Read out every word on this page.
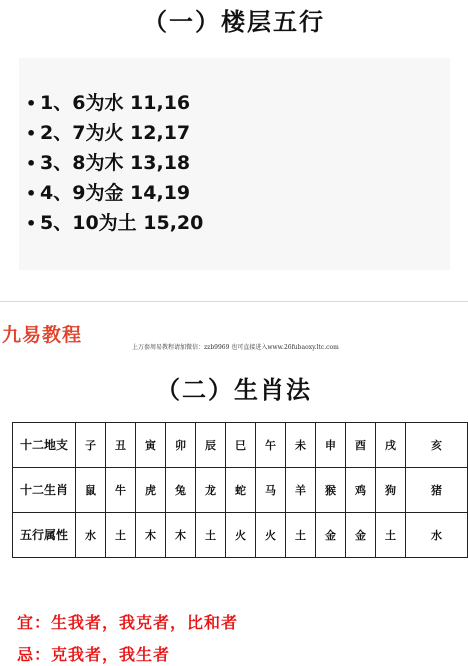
（一）楼层五行
• 1、6为水 11,16
• 2、7为火 12,17
• 3、8为木 13,18
• 4、9为金 14,19
• 5、10为土 15,20
九易教程
上万套周易教程请加微信：zzb9969 也可直接进入www.26fubaoxy.ltc.com
（二）生肖法
十二地支	子	丑	寅	卯	辰	巳	午	未	申	酉	戌	亥
十二生肖	鼠	牛	虎	兔	龙	蛇	马	羊	猴	鸡	狗	猪
五行属性	水	土	木	木	土	火	火	土	金	金	土	水
宜：生我者，我克者，比和者
忌：克我者，我生者
